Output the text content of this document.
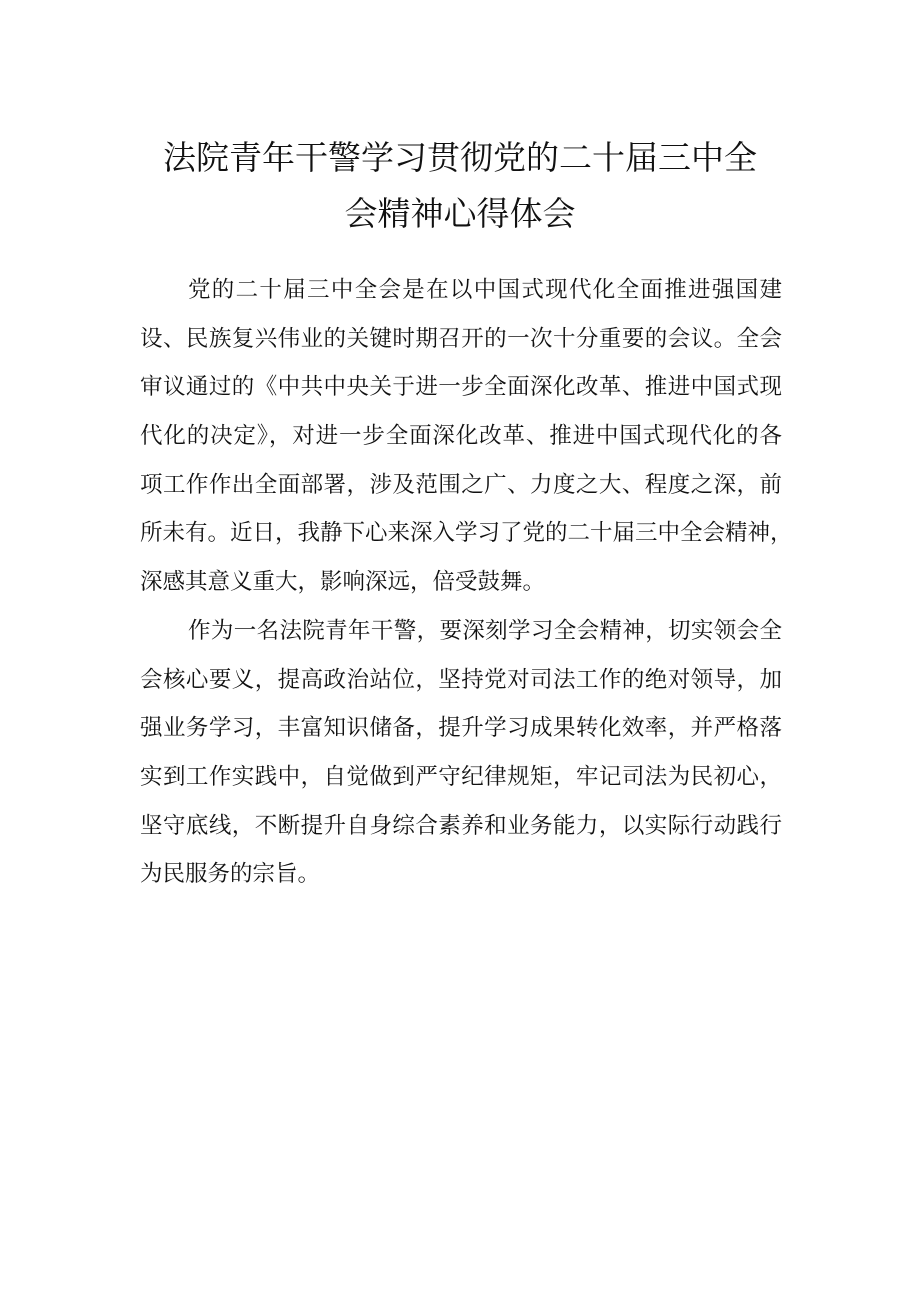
法院青年干警学习贯彻党的二十届三中全
会精神心得体会
党的二十届三中全会是在以中国式现代化全面推进强国建
设、民族复兴伟业的关键时期召开的一次十分重要的会议。全会
审议通过的《中共中央关于进一步全面深化改革、推进中国式现
代化的决定》，对进一步全面深化改革、推进中国式现代化的各
项工作作出全面部署，涉及范围之广、力度之大、程度之深，前
所未有。近日，我静下心来深入学习了党的二十届三中全会精神，
深感其意义重大，影响深远，倍受鼓舞。
作为一名法院青年干警，要深刻学习全会精神，切实领会全
会核心要义，提高政治站位，坚持党对司法工作的绝对领导，加
强业务学习，丰富知识储备，提升学习成果转化效率，并严格落
实到工作实践中，自觉做到严守纪律规矩，牢记司法为民初心，
坚守底线，不断提升自身综合素养和业务能力，以实际行动践行
为民服务的宗旨。
